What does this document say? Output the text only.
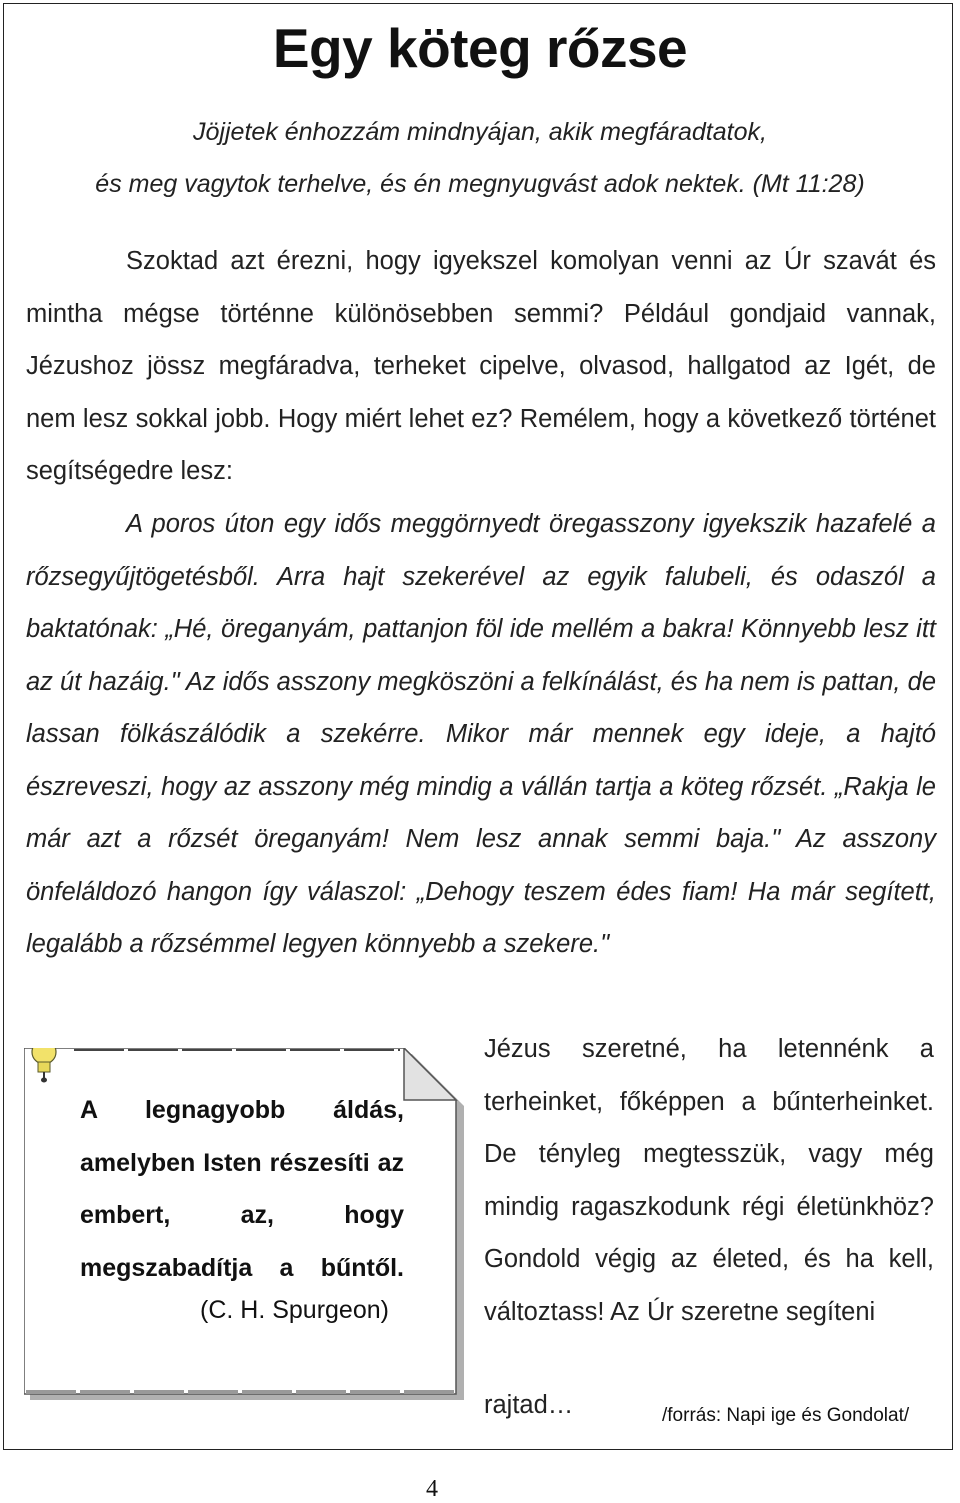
Egy köteg rőzse
Jöjjetek énhozzám mindnyájan, akik megfáradtatok,
és meg vagytok terhelve, és én megnyugvást adok nektek. (Mt 11:28)

Szoktad azt érezni, hogy igyekszel komolyan venni az Úr szavát és mintha mégse történne különösebben semmi? Például gondjaid vannak, Jézushoz jössz megfáradva, terheket cipelve, olvasod, hallgatod az Igét, de nem lesz sokkal jobb. Hogy miért lehet ez? Remélem, hogy a következő történet segítségedre lesz:

A poros úton egy idős meggörnyedt öregasszony igyekszik hazafelé a rőzsegyűjtögetésből. Arra hajt szekerével az egyik falubeli, és odaszól a baktatónak: „Hé, öreganyám, pattanjon föl ide mellém a bakra! Könnyebb lesz itt az út hazáig." Az idős asszony megköszöni a felkínálást, és ha nem is pattan, de lassan fölkászálódik a szekérre. Mikor már mennek egy ideje, a hajtó észreveszi, hogy az asszony még mindig a vállán tartja a köteg rőzsét. „Rakja le már azt a rőzsét öreganyám! Nem lesz annak semmi baja." Az asszony önfeláldozó hangon így válaszol: „Dehogy teszem édes fiam! Ha már segített, legalább a rőzsémmel legyen könnyebb a szekere."

A legnagyobb áldás, amelyben Isten részesíti az embert, az, hogy megszabadítja a bűntől.

(C. H. Spurgeon)

Jézus szeretné, ha letennénk a terheinket, főképpen a bűnterheinket. De tényleg megtesszük, vagy még mindig ragaszkodunk régi életünkhöz? Gondold végig az életed, és ha kell, változtass! Az Úr szeretne segíteni

rajtad…	/forrás: Napi ige és Gondolat/
4
